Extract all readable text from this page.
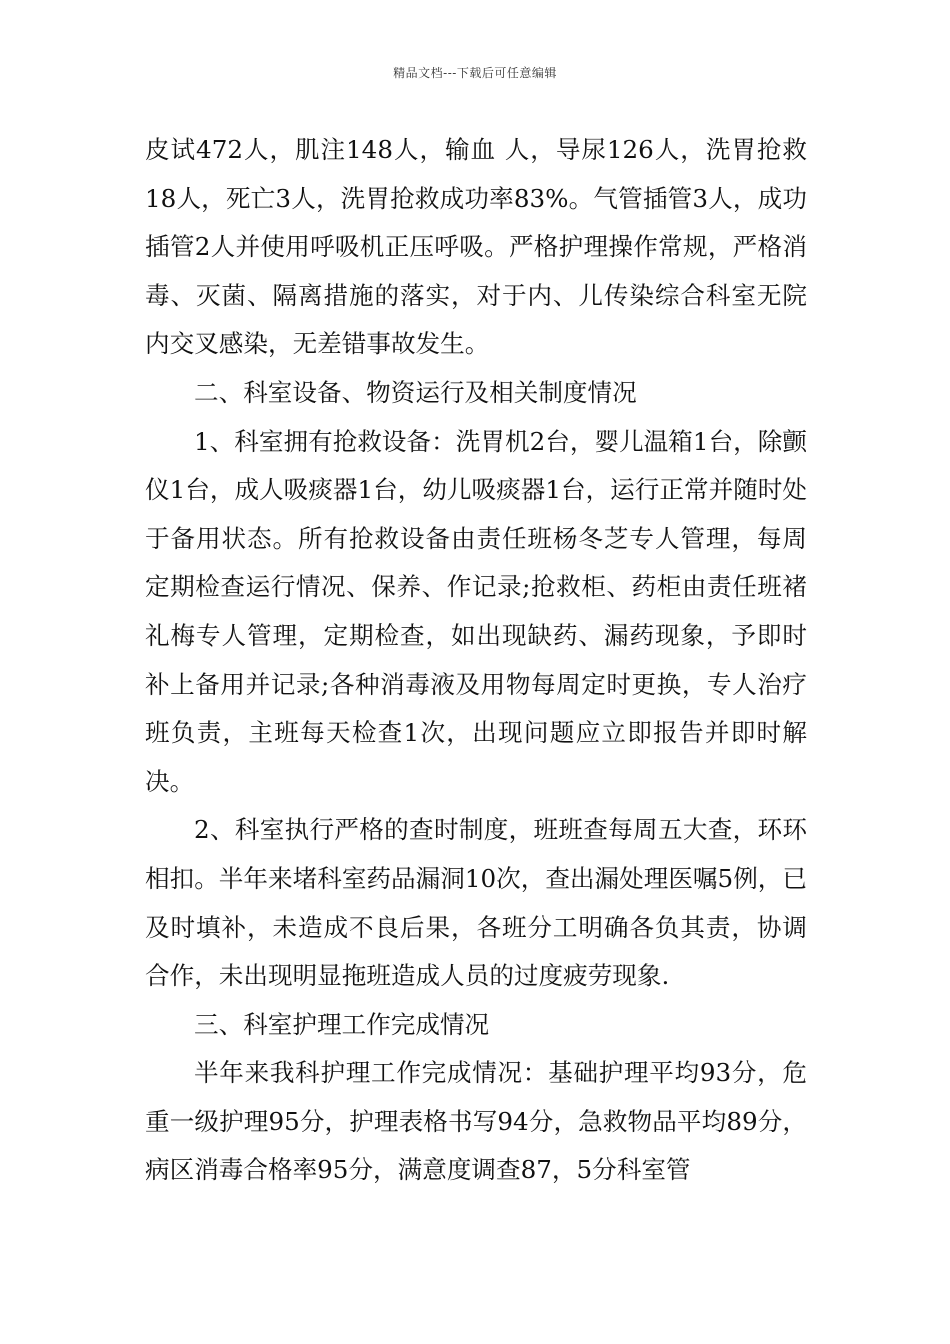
精品文档---下载后可任意编辑

皮试472人，肌注148人，输血 人，导尿126人，洗胃抢救18人，死亡3人，洗胃抢救成功率83%。气管插管3人，成功插管2人并使用呼吸机正压呼吸。严格护理操作常规，严格消毒、灭菌、隔离措施的落实，对于内、儿传染综合科室无院内交叉感染，无差错事故发生。

二、科室设备、物资运行及相关制度情况

1、科室拥有抢救设备：洗胃机2台，婴儿温箱1台，除颤仪1台，成人吸痰器1台，幼儿吸痰器1台，运行正常并随时处于备用状态。所有抢救设备由责任班杨冬芝专人管理，每周定期检查运行情况、保养、作记录;抢救柜、药柜由责任班褚礼梅专人管理，定期检查，如出现缺药、漏药现象，予即时补上备用并记录;各种消毒液及用物每周定时更换，专人治疗班负责，主班每天检查1次，出现问题应立即报告并即时解决。

2、科室执行严格的查时制度，班班查每周五大查，环环相扣。半年来堵科室药品漏洞10次，查出漏处理医嘱5例，已及时填补，未造成不良后果，各班分工明确各负其责，协调合作，未出现明显拖班造成人员的过度疲劳现象.

三、科室护理工作完成情况

半年来我科护理工作完成情况：基础护理平均93分，危重一级护理95分，护理表格书写94分，急救物品平均89分，病区消毒合格率95分，满意度调查87，5分科室管
